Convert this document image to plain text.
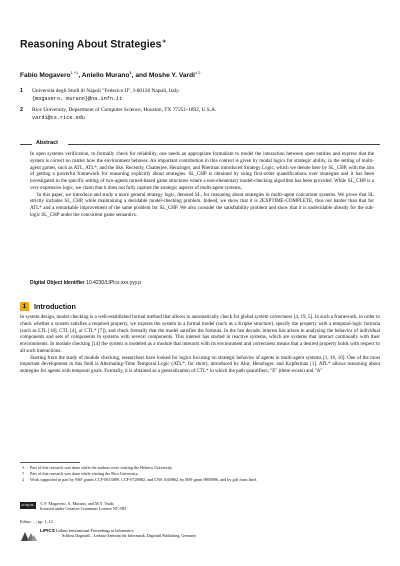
Reasoning About Strategies∗
Fabio Mogavero$^{1 \dagger 1}$, Aniello Murano$^1$, and Moshe Y. Vardi$^{\ddagger 2}$
1 Università degli Studi di Napoli "Federico II", I-80126 Napoli, Italy.
{mogavero, murano}@na.infn.it
2 Rice University, Department of Computer Science, Houston, TX 77251-1892, U.S.A.
vardi@cs.rice.edu
Abstract

In open systems verification, to formally check for reliability, one needs an appropriate formalism to model the interaction between open entities and express that the system is correct no matter how the environment behaves. An important contribution in this context is given by modal logics for strategic ability, in the setting of multi-agent games, such as ATL, ATL*, and the like. Recently, Chatterjee, Henzinger, and Piterman introduced Strategy Logic, which we denote here by SL_CHP, with the aim of getting a powerful framework for reasoning explicitly about strategies. SL_CHP is obtained by using first-order quantifications over strategies and it has been investigated in the specific setting of two-agents turned-based game structures where a non-elementary model-checking algorithm has been provided. While SL_CHP is a very expressive logic, we claim that it does not fully capture the strategic aspects of multi-agent systems.

In this paper, we introduce and study a more general strategy logic, denoted SL, for reasoning about strategies in multi-agent concurrent systems. We prove that SL strictly includes SL_CHP, while maintaining a decidable model-checking problem. Indeed, we show that it is 2EXPTIME-COMPLETE, thus not harder than that for ATL* and a remarkable improvement of the same problem for SL_CHP. We also consider the satisfiability problem and show that it is undecidable already for the sub-logic SL_CHP under the concurrent game semantics.

Digital Object Identifier 10.4230/LIPIcs.xxx.yyy.p
1 Introduction

In system design, model checking is a well-established formal method that allows to automatically check for global system correctness [4, 19, 5]. In such a framework, in order to check whether a system satisfies a required property, we express the system in a formal model (such as a Kripke structure), specify the property with a temporal-logic formula (such as LTL [18], CTL [4], or CTL* [7]), and check formally that the model satisfies the formula. In the last decade, interest has arisen in analyzing the behavior of individual components and sets of components in systems with several components. This interest has started in reactive systems, which are systems that interact continually with their environments. In module checking [14] the system is modeled as a module that interacts with its environment and correctness means that a desired property holds with respect to all such interactions.

Starting from the study of module checking, researchers have looked for logics focusing on strategic behavior of agents in multi-agent systems [1, 16, 10]. One of the most important development in this field is Alternating-Time Temporal Logic (ATL*, for short), introduced by Alur, Henzinger, and Kupferman [1]. ATL* allows reasoning about strategies for agents with temporal goals. Formally, it is obtained as a generalization of CTL* in which the path quantifiers, "E" (there exists) and "A"

∗ Part of this research was done while the authors were visiting the Hebrew University.
† Part of this research was done while visiting the Rice University.
‡ Work supported in part by NSF grants CCF-0613889, CCF-0728882, and CNS 1049862, by BSF grant 9800096, and by gift from Intel.
cc by-nc-nd
© F. Mogavero, A. Murano, and M.Y. Vardi;
licensed under Creative Commons License NC-ND
Editor: ...; pp. 1–12
LIPICS Leibniz International Proceedings in Informatics
Schloss Dagstuhl – Leibniz-Zentrum für Informatik, Dagstuhl Publishing, Germany
